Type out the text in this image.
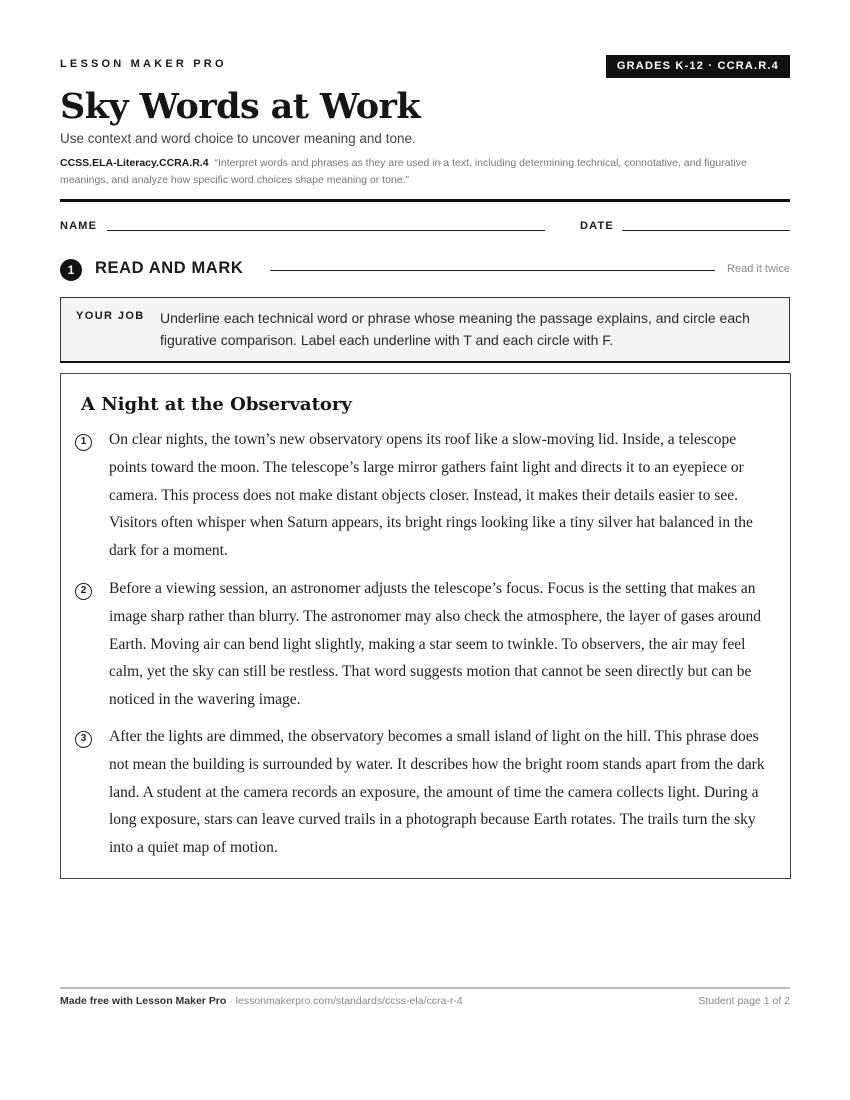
LESSON MAKER PRO	GRADES K-12 · CCRA.R.4
Sky Words at Work
Use context and word choice to uncover meaning and tone.
CCSS.ELA-Literacy.CCRA.R.4 “Interpret words and phrases as they are used in a text, including determining technical, connotative, and figurative meanings, and analyze how specific word choices shape meaning or tone.”
NAME	DATE
1	READ AND MARK	Read it twice
YOUR JOB Underline each technical word or phrase whose meaning the passage explains, and circle each figurative comparison. Label each underline with T and each circle with F.
A Night at the Observatory
1	On clear nights, the town’s new observatory opens its roof like a slow-moving lid. Inside, a telescope points toward the moon. The telescope’s large mirror gathers faint light and directs it to an eyepiece or camera. This process does not make distant objects closer. Instead, it makes their details easier to see. Visitors often whisper when Saturn appears, its bright rings looking like a tiny silver hat balanced in the dark for a moment.

2	Before a viewing session, an astronomer adjusts the telescope’s focus. Focus is the setting that makes an image sharp rather than blurry. The astronomer may also check the atmosphere, the layer of gases around Earth. Moving air can bend light slightly, making a star seem to twinkle. To observers, the air may feel calm, yet the sky can still be restless. That word suggests motion that cannot be seen directly but can be noticed in the wavering image.

3	After the lights are dimmed, the observatory becomes a small island of light on the hill. This phrase does not mean the building is surrounded by water. It describes how the bright room stands apart from the dark land. A student at the camera records an exposure, the amount of time the camera collects light. During a long exposure, stars can leave curved trails in a photograph because Earth rotates. The trails turn the sky into a quiet map of motion.

Made free with Lesson Maker Pro · lessonmakerpro.com/standards/ccss-ela/ccra-r-4	Student page 1 of 2
